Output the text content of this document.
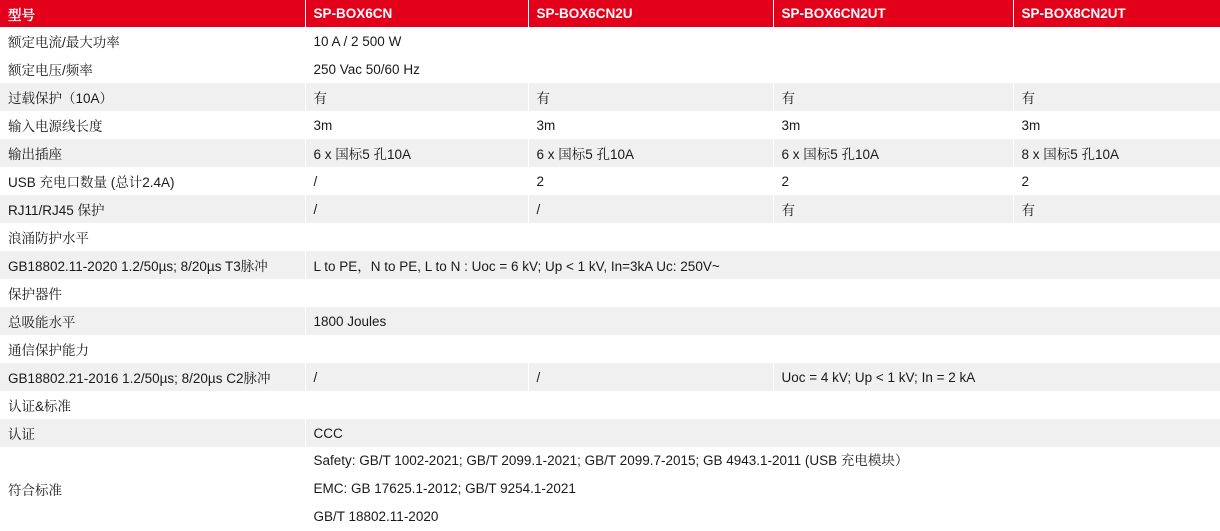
型号	SP-BOX6CN	SP-BOX6CN2U	SP-BOX6CN2UT	SP-BOX8CN2UT
额定电流/最大功率	10 A / 2 500 W			
额定电压/频率	250 Vac 50/60 Hz			
过载保护（10A）	有	有	有	有
输入电源线长度	3m	3m	3m	3m
输出插座	6 x 国标5 孔10A	6 x 国标5 孔10A	6 x 国标5 孔10A	8 x 国标5 孔10A
USB 充电口数量 (总计2.4A)	/	2	2	2
RJ11/RJ45 保护	/	/	有	有
浪涌防护水平				
GB18802.11-2020 1.2/50µs; 8/20µs T3脉冲	L to PE，N to PE, L to N : Uoc = 6 kV; Up < 1 kV, In=3kA Uc: 250V~			
保护器件				
总吸能水平	1800 Joules			
通信保护能力				
GB18802.21-2016 1.2/50µs; 8/20µs C2脉冲	/	/	Uoc = 4 kV; Up < 1 kV; In = 2 kA	
认证&标准				
认证	CCC			
符合标准	Safety: GB/T 1002-2021; GB/T 2099.1-2021; GB/T 2099.7-2015; GB 4943.1-2011 (USB 充电模块）
EMC: GB 17625.1-2012; GB/T 9254.1-2021
GB/T 18802.11-2020			
